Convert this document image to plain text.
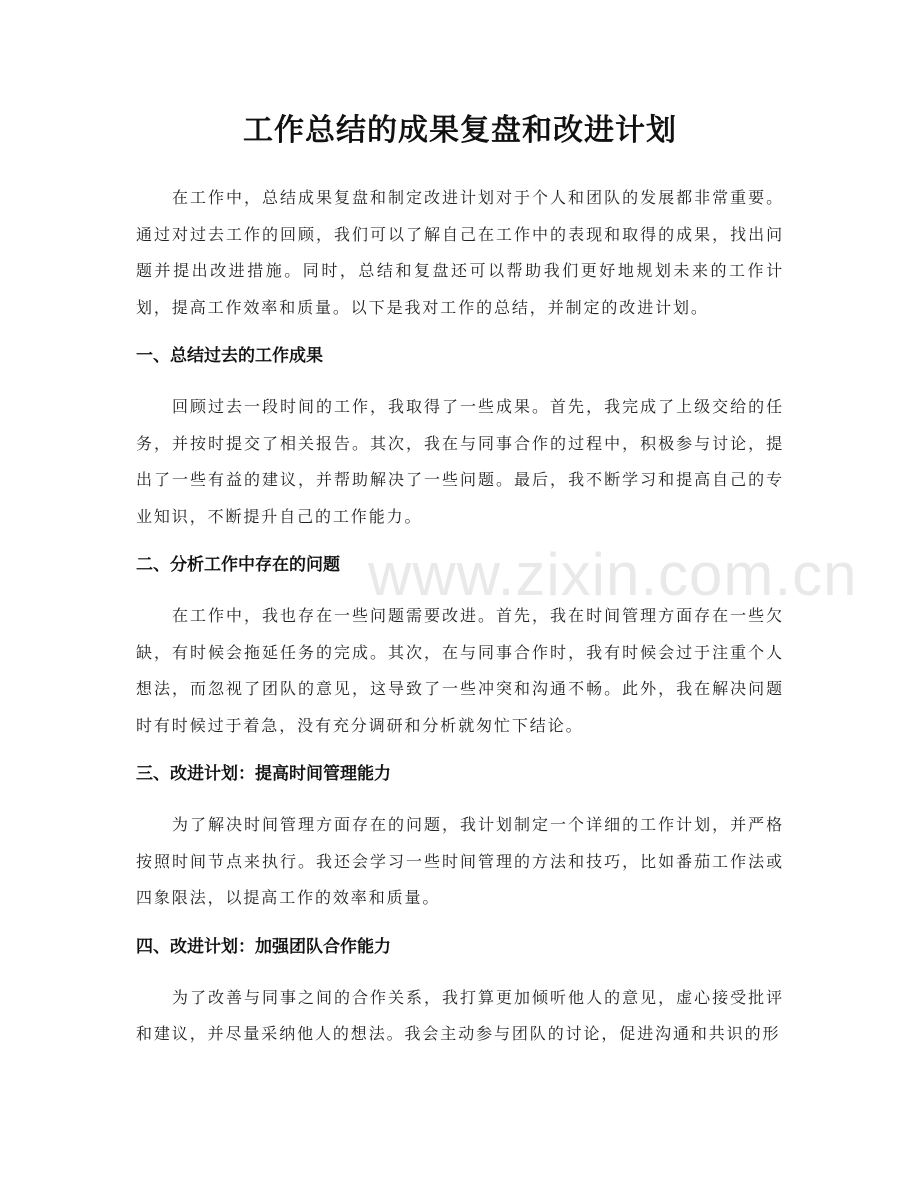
工作总结的成果复盘和改进计划

在工作中，总结成果复盘和制定改进计划对于个人和团队的发展都非常重要。通过对过去工作的回顾，我们可以了解自己在工作中的表现和取得的成果，找出问题并提出改进措施。同时，总结和复盘还可以帮助我们更好地规划未来的工作计划，提高工作效率和质量。以下是我对工作的总结，并制定的改进计划。

一、总结过去的工作成果

回顾过去一段时间的工作，我取得了一些成果。首先，我完成了上级交给的任务，并按时提交了相关报告。其次，我在与同事合作的过程中，积极参与讨论，提出了一些有益的建议，并帮助解决了一些问题。最后，我不断学习和提高自己的专业知识，不断提升自己的工作能力。

二、分析工作中存在的问题

在工作中，我也存在一些问题需要改进。首先，我在时间管理方面存在一些欠缺，有时候会拖延任务的完成。其次，在与同事合作时，我有时候会过于注重个人想法，而忽视了团队的意见，这导致了一些冲突和沟通不畅。此外，我在解决问题时有时候过于着急，没有充分调研和分析就匆忙下结论。

三、改进计划：提高时间管理能力

为了解决时间管理方面存在的问题，我计划制定一个详细的工作计划，并严格按照时间节点来执行。我还会学习一些时间管理的方法和技巧，比如番茄工作法或四象限法，以提高工作的效率和质量。

四、改进计划：加强团队合作能力

为了改善与同事之间的合作关系，我打算更加倾听他人的意见，虚心接受批评和建议，并尽量采纳他人的想法。我会主动参与团队的讨论，促进沟通和共识的形

www.zixin.com.cn
